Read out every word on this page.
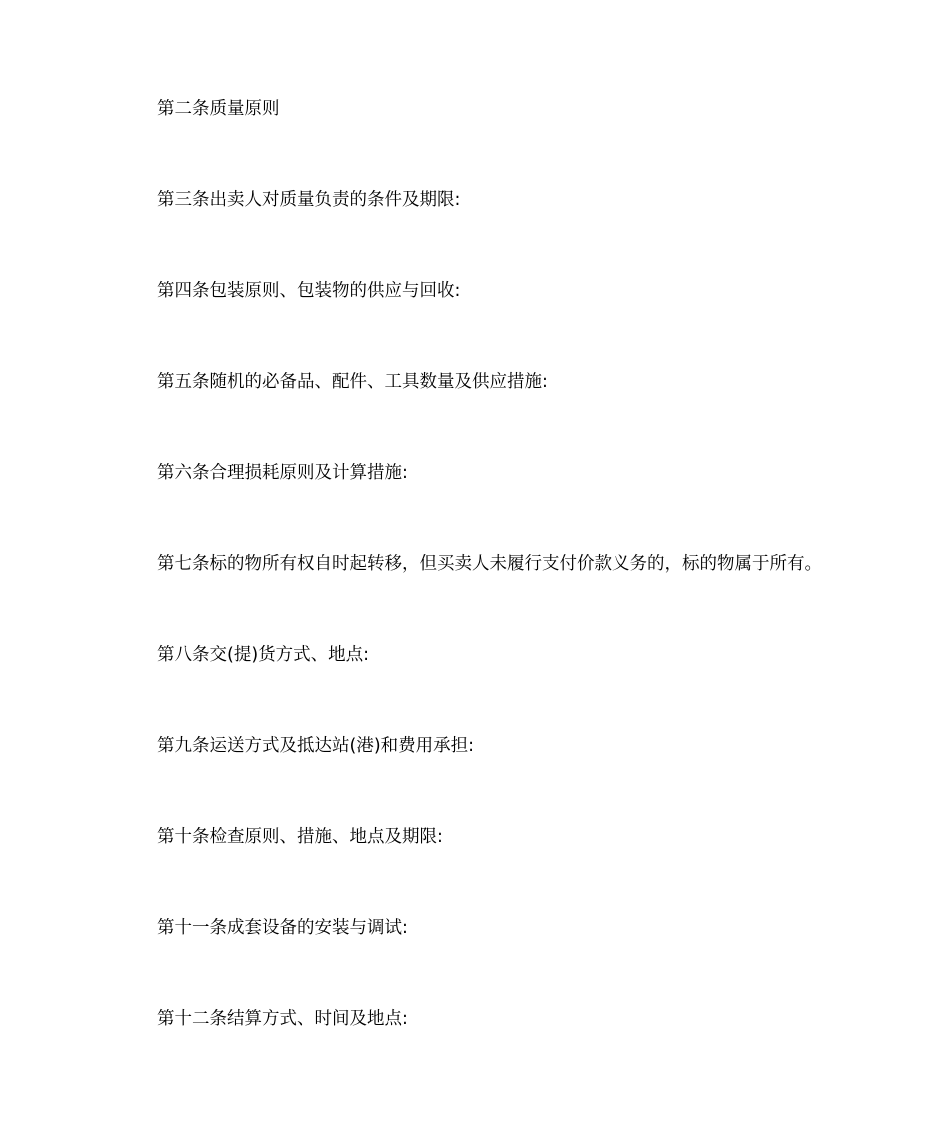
第二条质量原则
第三条出卖人对质量负责的条件及期限:
第四条包装原则、包装物的供应与回收:
第五条随机的必备品、配件、工具数量及供应措施:
第六条合理损耗原则及计算措施:
第七条标的物所有权自时起转移，但买卖人未履行支付价款义务的，标的物属于所有。
第八条交(提)货方式、地点:
第九条运送方式及抵达站(港)和费用承担:
第十条检查原则、措施、地点及期限:
第十一条成套设备的安装与调试:
第十二条结算方式、时间及地点:
